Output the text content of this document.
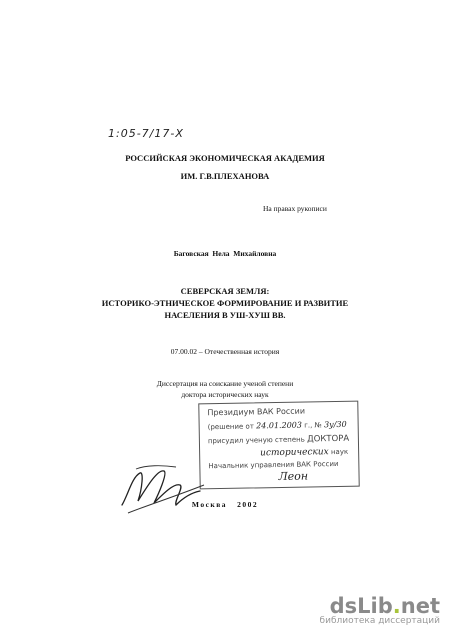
1:05-7/17-Х
РОССИЙСКАЯ ЭКОНОМИЧЕСКАЯ АКАДЕМИЯ
ИМ. Г.В.ПЛЕХАНОВА
На правах рукописи
Баговская  Нела  Михайловна
СЕВЕРСКАЯ ЗЕМЛЯ:
ИСТОРИКО-ЭТНИЧЕСКОЕ ФОРМИРОВАНИЕ И РАЗВИТИЕ
НАСЕЛЕНИЯ В УШ-ХУШ ВВ.
07.00.02 – Отечественная история
Диссертация на соискание ученой степени
доктора исторических наук
Президиум ВАК России
(решение от 24.01.2003 г., № 3у/30
присудил ученую степень ДОКТОРА
исторических наук
Начальник управления ВАК России
Леон
Москва   2002
dsLib.net
библиотека диссертаций
